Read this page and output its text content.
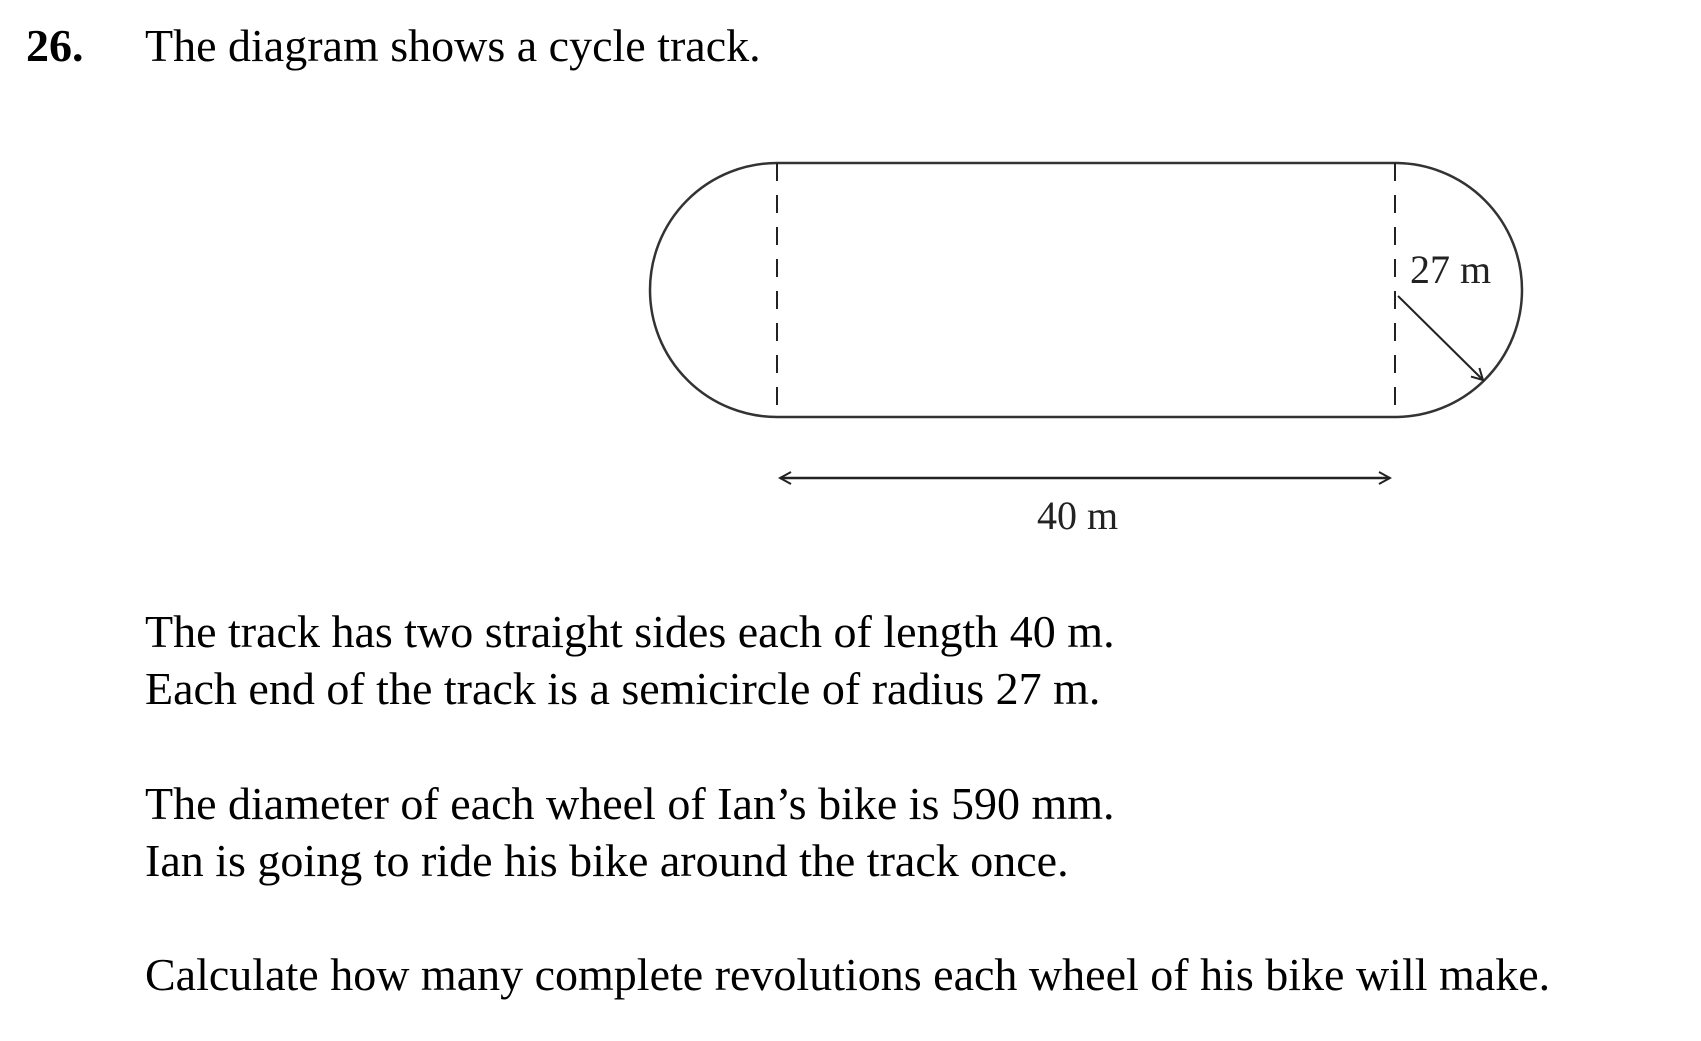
26. The diagram shows a cycle track.
27 m
40 m

The track has two straight sides each of length 40 m.
Each end of the track is a semicircle of radius 27 m.

The diameter of each wheel of Ian’s bike is 590 mm.
Ian is going to ride his bike around the track once.

Calculate how many complete revolutions each wheel of his bike will make.
